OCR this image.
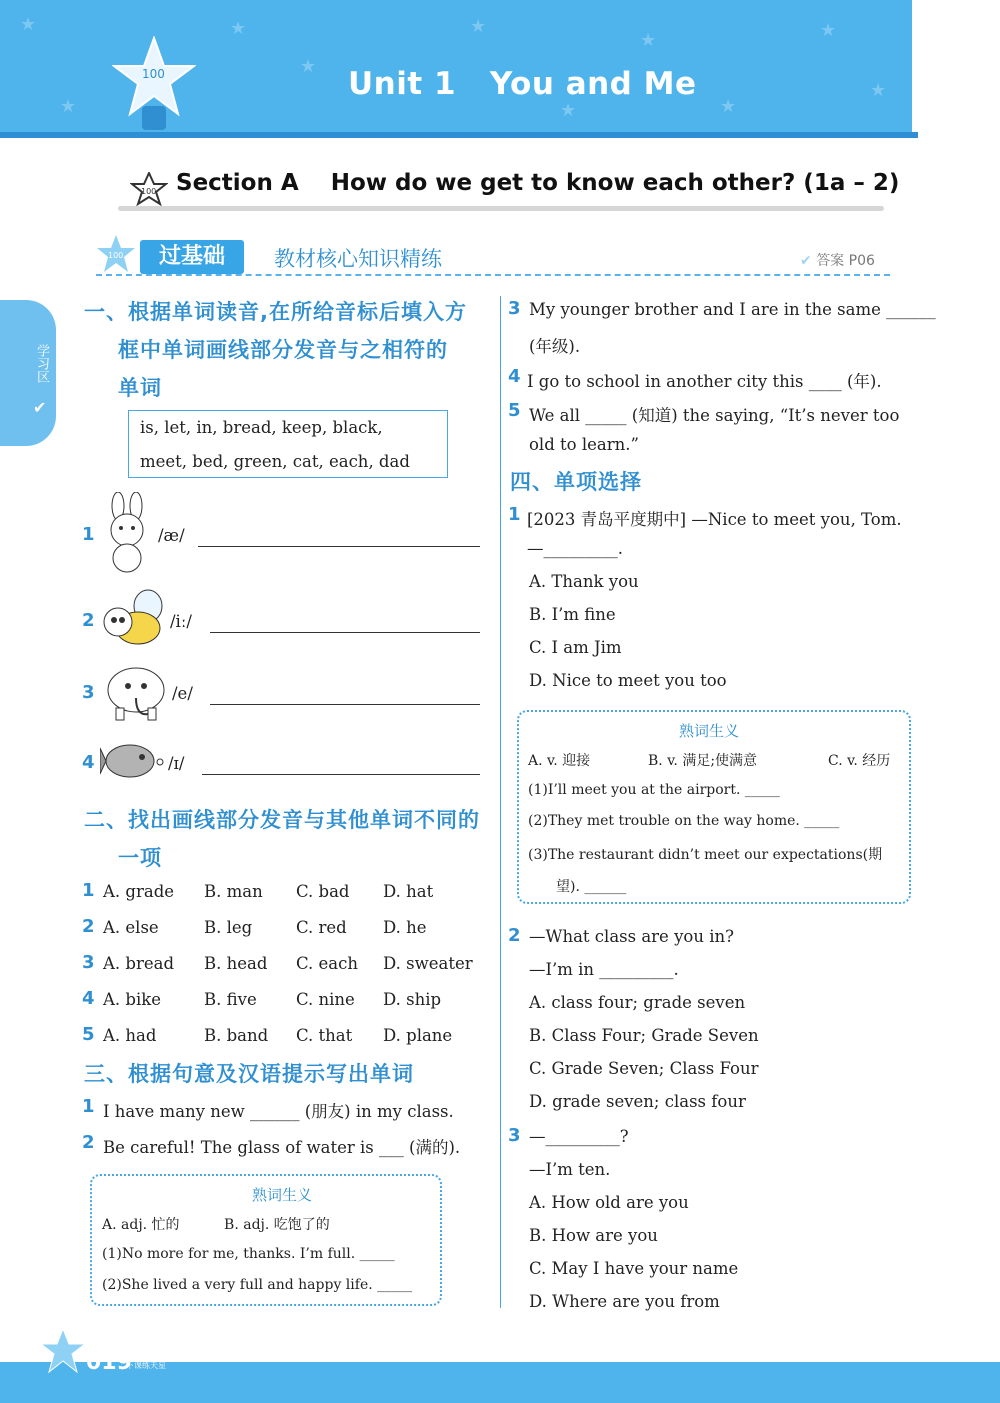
★	★
★
★
★
★
★
★	★
★
100	Unit 1   You and Me
100 Section A    How do we get to know each other? (1a – 2)
100	过基础	教材核心知识精练	✔ 答案 P06
学习区
✔
一、根据单词读音,在所给音标后填入方
框中单词画线部分发音与之相符的
单词
is, let, in, bread, keep, black,
meet, bed, green, cat, each, dad
1	/æ/
2	/iː/
3	/e/
4	/ɪ/
二、找出画线部分发音与其他单词不同的
一项
1 A. grade B. man C. bad D. hat
2 A. else	B. leg	C. red D. he
3 A. bread B. head C. each D. sweater
4 A. bike	B. five C. nine D. ship
5 A. had	B. band C. that D. plane
三、根据句意及汉语提示写出单词
1 I have many new ______ (朋友) in my class.
2 Be careful! The glass of water is ___ (满的).
熟词生义
A. adj. 忙的          B. adj. 吃饱了的
(1)No more for me, thanks. I’m full. _____
(2)She lived a very full and happy life. _____
3 My younger brother and I are in the same ______
(年级).
4 I go to school in another city this ____ (年).
5 We all _____ (知道) the saying, “It’s never too
old to learn.”
四、单项选择
1 [2023 青岛平度期中] —Nice to meet you, Tom.
—_________.
A. Thank you
B. I’m fine
C. I am Jim
D. Nice to meet you too
熟词生义
A. v. 迎接	B. v. 满足;使满意	C. v. 经历
(1)I’ll meet you at the airport. _____
(2)They met trouble on the way home. _____
(3)The restaurant didn’t meet our expectations(期
望). ______
2 —What class are you in?
—I’m in _________.
A. class four; grade seven
B. Class Four; Grade Seven
C. Grade Seven; Class Four
D. grade seven; class four
3 —_________?
—I’m ten.
A. How old are you
B. How are you
C. May I have your name
D. Where are you from
019
上课认真听 下课练天星
